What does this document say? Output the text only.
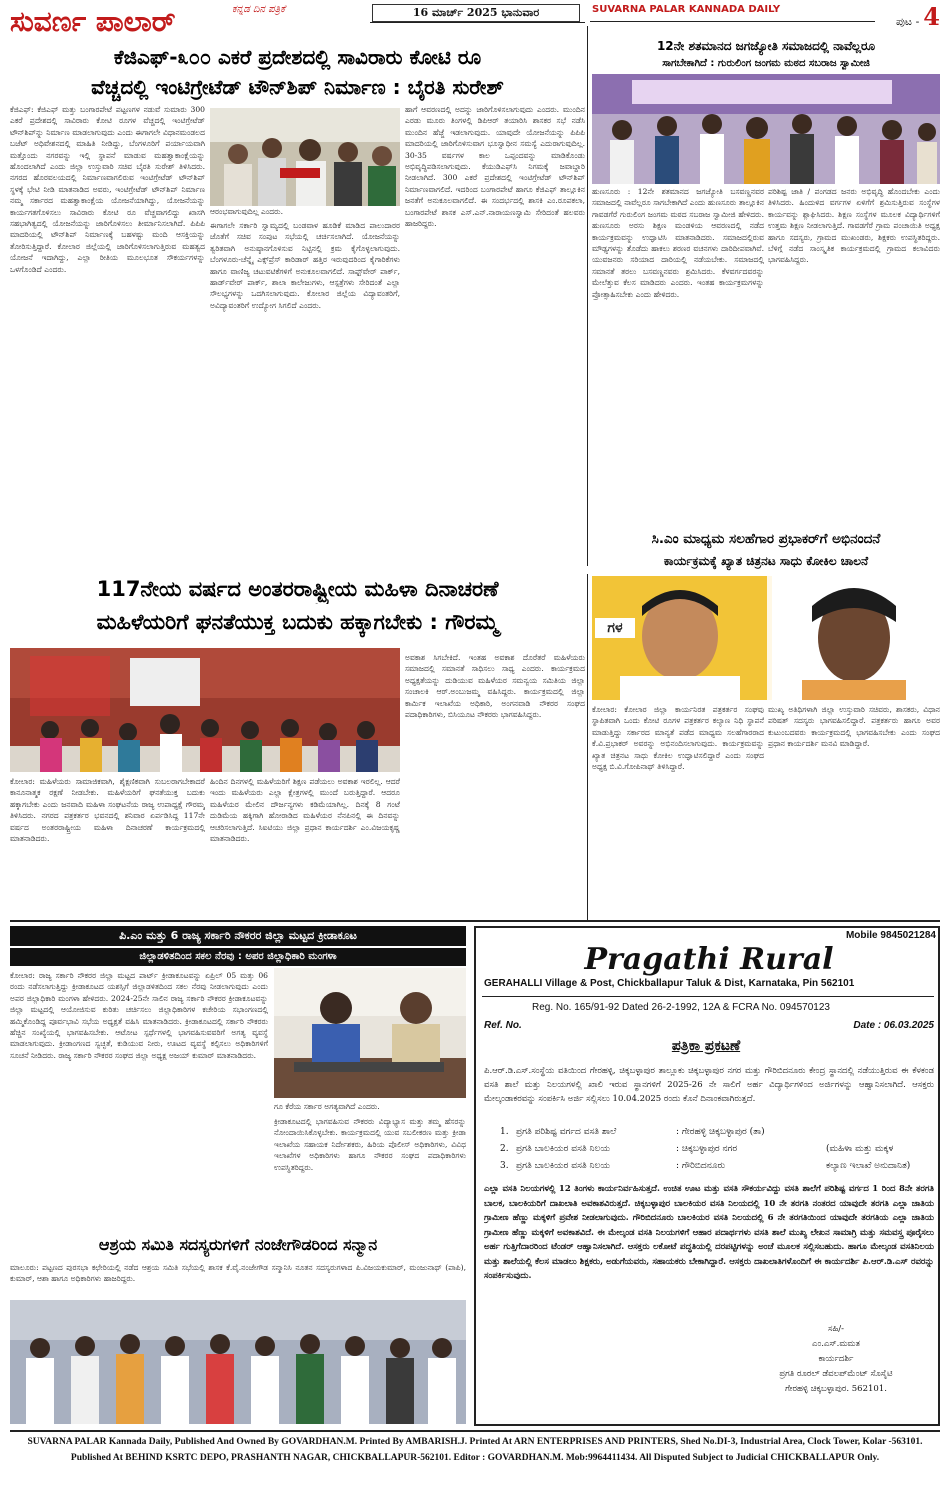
ಸುವರ್ಣ ಪಾಲಾರ್	ಕನ್ನಡ ದಿನ ಪತ್ರಿಕೆ	16 ಮಾರ್ಚ್ 2025 ಭಾನುವಾರ	SUVARNA PALAR KANNADA DAILY
ಪುಟ - 4
ಕೆಜಿಎಫ್-೩೦೦ ಎಕರೆ ಪ್ರದೇಶದಲ್ಲಿ ಸಾವಿರಾರು ಕೋಟಿ ರೂ
ವೆಚ್ಚದಲ್ಲಿ ಇಂಟಿಗ್ರೇಟೆಡ್ ಟೌನ್‌ಶಿಪ್ ನಿರ್ಮಾಣ : ಬೈರತಿ ಸುರೇಶ್
ಕೆಜಿಎಫ್: ಕೆಜಿಎಫ್ ಮತ್ತು ಬಂಗಾರಪೇಟೆ ಪಟ್ಟಣಗಳ ನಡುವೆ ಸುಮಾರು 300 ಎಕರೆ ಪ್ರದೇಶದಲ್ಲಿ ಸಾವಿರಾರು ಕೋಟಿ ರೂಗಳ ವೆಚ್ಚದಲ್ಲಿ ಇಂಟಿಗ್ರೇಟೆಡ್ ಟೌನ್‌ಶಿಪ್‌ನ್ನು ನಿರ್ಮಾಣ ಮಾಡಲಾಗುವುದು ಎಂದು ಈಗಾಗಲೇ ವಿಧಾನಮಂಡಲದ ಬಜೆಟ್ ಅಧಿವೇಶನದಲ್ಲಿ ಮಾಹಿತಿ ನೀಡಿದ್ದು, ಬೆಂಗಳೂರಿಗೆ ಪರ್ಯಾಯವಾಗಿ ಮತ್ತೊಂದು ನಗರವನ್ನು ಇಲ್ಲಿ ಸ್ಥಾಪನೆ ಮಾಡುವ ಮಹತ್ವಾಕಾಂಕ್ಷೆಯನ್ನು ಹೊಂದಲಾಗಿದೆ ಎಂದು ಜಿಲ್ಲಾ ಉಸ್ತುವಾರಿ ಸಚಿವ ಬೈರತಿ ಸುರೇಶ್ ತಿಳಿಸಿದರು. ನಗರದ ಹೊರವಲಯದಲ್ಲಿ ನಿರ್ಮಾಣವಾಗಲಿರುವ ಇಂಟಿಗ್ರೇಟೆಡ್ ಟೌನ್‌ಶಿಪ್ ಸ್ಥಳಕ್ಕೆ ಭೇಟಿ ನೀಡಿ ಮಾತನಾಡಿದ ಅವರು, ಇಂಟಿಗ್ರೇಟೆಡ್ ಟೌನ್‌ಶಿಪ್ ನಿರ್ಮಾಣ ನಮ್ಮ ಸರ್ಕಾರದ ಮಹತ್ವಾಕಾಂಕ್ಷೆಯ ಯೋಜನೆಯಾಗಿದ್ದು, ಯೋಜನೆಯನ್ನು ಕಾರ್ಯಗತಗೊಳಿಸಲು ಸಾವಿರಾರು ಕೋಟಿ ರೂ ವೆಚ್ಚವಾಗಲಿದ್ದು ಖಾಸಗಿ ಸಹಭಾಗಿತ್ವದಲ್ಲಿ ಯೋಜನೆಯನ್ನು ಜಾರಿಗೊಳಿಸಲು ತೀರ್ಮಾನಿಸಲಾಗಿದೆ. ಪಿಪಿಪಿ ಮಾದರಿಯಲ್ಲಿ ಟೌನ್‌ಶಿಪ್ ನಿರ್ಮಾಣಕ್ಕೆ ಬಹಳಷ್ಟು ಮಂದಿ ಆಸಕ್ತಿಯನ್ನು ತೋರಿಸುತ್ತಿದ್ದಾರೆ. ಕೋಲಾರ ಜಿಲ್ಲೆಯಲ್ಲಿ ಜಾರಿಗೊಳಿಸಲಾಗುತ್ತಿರುವ ಮಹತ್ವದ ಯೋಜನೆ ಇದಾಗಿದ್ದು, ಎಲ್ಲಾ ರೀತಿಯ ಮೂಲಭೂತ ಸೌಕರ್ಯಗಳನ್ನು ಒಳಗೊಂಡಿದೆ ಎಂದರು.
ಆರಂಭವಾಗುವುದಿಲ್ಲ ಎಂದರು.
ಈಗಾಗಲೇ ಸರ್ಕಾರಿ ಸ್ವಾಮ್ಯದಲ್ಲಿ ಬಂಡವಾಳ ಹೂಡಿಕೆ ಮಾಡಿದ ಪಾಲುದಾರರ ಜೊತೆಗೆ ಸಚಿವ ಸಂಪುಟ ಸಭೆಯಲ್ಲಿ ಚರ್ಚಿಸಲಾಗಿದೆ. ಯೋಜನೆಯನ್ನು ತ್ವರಿತವಾಗಿ ಅನುಷ್ಠಾನಗೊಳಿಸುವ ನಿಟ್ಟಿನಲ್ಲಿ ಕ್ರಮ ಕೈಗೊಳ್ಳಲಾಗುವುದು. ಬೆಂಗಳೂರು-ಚೆನ್ನೈ ಎಕ್ಸ್‌ಪ್ರೆಸ್ ಕಾರಿಡಾರ್ ಹತ್ತಿರ ಇರುವುದರಿಂದ ಕೈಗಾರಿಕೆಗಳು ಹಾಗೂ ವಾಣಿಜ್ಯ ಚಟುವಟಿಕೆಗಳಿಗೆ ಅನುಕೂಲವಾಗಲಿದೆ. ಸಾಫ್ಟ್‌ವೇರ್ ಪಾರ್ಕ್, ಹಾರ್ಡ್‌ವೇರ್ ಪಾರ್ಕ್, ಶಾಲಾ ಕಾಲೇಜುಗಳು, ಆಸ್ಪತ್ರೆಗಳು ಸೇರಿದಂತೆ ಎಲ್ಲಾ ಸೌಲಭ್ಯಗಳನ್ನು ಒದಗಿಸಲಾಗುವುದು. ಕೋಲಾರ ಜಿಲ್ಲೆಯ ವಿದ್ಯಾವಂತರಿಗೆ, ಅವಿದ್ಯಾವಂತರಿಗೆ ಉದ್ಯೋಗ ಸಿಗಲಿದೆ ಎಂದರು.
ಹಾಗೆ ಆವರಣದಲ್ಲಿ ಅದನ್ನು ಜಾರಿಗೊಳಿಸಲಾಗುವುದು ಎಂದರು. ಮುಂದಿನ ಎರಡು ಮೂರು ತಿಂಗಳಲ್ಲಿ ಡಿಪಿಆರ್ ತಯಾರಿಸಿ ಶಾಸಕರ ಸಭೆ ನಡೆಸಿ ಮುಂದಿನ ಹೆಜ್ಜೆ ಇಡಲಾಗುವುದು. ಯಾವುದೇ ಯೋಜನೆಯನ್ನು ಪಿಪಿಪಿ ಮಾದರಿಯಲ್ಲಿ ಜಾರಿಗೊಳಿಸುವಾಗ ಭೂಸ್ವಾಧೀನ ಸಮಸ್ಯೆ ಎದುರಾಗುವುದಿಲ್ಲ. 30-35 ವರ್ಷಗಳ ಕಾಲ ಒಪ್ಪಂದವನ್ನು ಮಾಡಿಕೊಂಡು ಅಭಿವೃದ್ಧಿಪಡಿಸಲಾಗುವುದು. ಕೆಯುಡಿಎಫ್‌ಸಿ ನಿಗಮಕ್ಕೆ ಜವಾಬ್ದಾರಿ ನೀಡಲಾಗಿದೆ. 300 ಎಕರೆ ಪ್ರದೇಶದಲ್ಲಿ ಇಂಟಿಗ್ರೇಟೆಡ್ ಟೌನ್‌ಶಿಪ್ ನಿರ್ಮಾಣವಾಗಲಿದೆ. ಇದರಿಂದ ಬಂಗಾರಪೇಟೆ ಹಾಗೂ ಕೆಜಿಎಫ್ ತಾಲ್ಲೂಕಿನ ಜನತೆಗೆ ಅನುಕೂಲವಾಗಲಿದೆ. ಈ ಸಂದರ್ಭದಲ್ಲಿ ಶಾಸಕಿ ಎಂ.ರೂಪಕಲಾ, ಬಂಗಾರಪೇಟೆ ಶಾಸಕ ಎಸ್.ಎನ್.ನಾರಾಯಣಸ್ವಾಮಿ ಸೇರಿದಂತೆ ಹಲವರು ಹಾಜರಿದ್ದರು.
12ನೇ ಶತಮಾನದ ಜಗಜ್ಯೋತಿ ಸಮಾಜದಲ್ಲಿ ನಾವೆಲ್ಲರೂ
ಸಾಗಬೇಕಾಗಿದೆ : ಗುರುಲಿಂಗ ಜಂಗಮ ಮಠದ ಸಬರಾಜ ಸ್ವಾಮೀಜಿ
ಹುಣಸೂರು : 12ನೇ ಶತಮಾನದ ಜಗಜ್ಯೋತಿ ಬಸವಣ್ಣನವರ ಸಮಾಜದಲ್ಲಿ ನಾವೆಲ್ಲರೂ ಸಾಗಬೇಕಾಗಿದೆ ಎಂದು ಹುಣಸೂರು ತಾಲ್ಲೂಕಿನ ಗಾವಡಗೆರೆ ಗುರುಲಿಂಗ ಜಂಗಮ ಮಠದ ಸಬರಾಜ ಸ್ವಾಮೀಜಿ ಹೇಳಿದರು. ಹುಣಸೂರು ಅರಸು ಶಿಕ್ಷಣ ಮಂಡಳಿಯ ಆವರಣದಲ್ಲಿ ನಡೆದ ಕಾರ್ಯಕ್ರಮವನ್ನು ಉದ್ಘಾಟಿಸಿ ಮಾತನಾಡಿದರು. ಸಮಾಜದಲ್ಲಿರುವ ಮೌಢ್ಯಗಳನ್ನು ತೊಡೆದು ಹಾಕಲು ಶರಣರ ವಚನಗಳು ದಾರಿದೀಪವಾಗಿವೆ. ಯುವಜನರು ಸರಿಯಾದ ದಾರಿಯಲ್ಲಿ ನಡೆಯಬೇಕು. ಸಮಾಜದಲ್ಲಿ ಸಮಾನತೆ ತರಲು ಬಸವಣ್ಣನವರು ಶ್ರಮಿಸಿದರು. ಕೆಳವರ್ಗದವರನ್ನು ಮೇಲೆತ್ತುವ ಕೆಲಸ ಮಾಡಿದರು ಎಂದರು. ಇಂತಹ ಕಾರ್ಯಕ್ರಮಗಳನ್ನು ಪ್ರೋತ್ಸಾಹಿಸಬೇಕು ಎಂದು ಹೇಳಿದರು.
ಪರಿಶಿಷ್ಟ ಜಾತಿ / ಪಂಗಡದ ಜನರು ಅಭಿವೃದ್ಧಿ ಹೊಂದಬೇಕು ಎಂದು ತಿಳಿಸಿದರು. ಹಿಂದುಳಿದ ವರ್ಗಗಳ ಏಳಿಗೆಗೆ ಶ್ರಮಿಸುತ್ತಿರುವ ಸಂಸ್ಥೆಗಳ ಕಾರ್ಯವನ್ನು ಶ್ಲಾಘಿಸಿದರು. ಶಿಕ್ಷಣ ಸಂಸ್ಥೆಗಳ ಮೂಲಕ ವಿದ್ಯಾರ್ಥಿಗಳಿಗೆ ಉತ್ತಮ ಶಿಕ್ಷಣ ನೀಡಲಾಗುತ್ತಿದೆ. ಗಾವಡಗೆರೆ ಗ್ರಾಮ ಪಂಚಾಯಿತಿ ಅಧ್ಯಕ್ಷ ಹಾಗೂ ಸದಸ್ಯರು, ಗ್ರಾಮದ ಮುಖಂಡರು, ಶಿಕ್ಷಕರು ಉಪಸ್ಥಿತರಿದ್ದರು. ಬೆಳಿಗ್ಗೆ ನಡೆದ ಸಾಂಸ್ಕೃತಿಕ ಕಾರ್ಯಕ್ರಮದಲ್ಲಿ ಗ್ರಾಮದ ಕಲಾವಿದರು ಭಾಗವಹಿಸಿದ್ದರು.
ಸಿ.ಎಂ ಮಾಧ್ಯಮ ಸಲಹೆಗಾರ ಪ್ರಭಾಕರ್‌ಗೆ ಅಭಿನಂದನೆ
ಕಾರ್ಯಕ್ರಮಕ್ಕೆ ಖ್ಯಾತ ಚಿತ್ರನಟ ಸಾಧು ಕೋಕಿಲ ಚಾಲನೆ
ಗಳ
ಕೋಲಾರ: ಕೋಲಾರ ಜಿಲ್ಲಾ ಕಾರ್ಯನಿರತ ಪತ್ರಕರ್ತರ ಸಂಘವು ಸ್ಥಾಪಿತವಾಗಿ ಒಂದು ಕೋಟಿ ರೂಗಳ ಪತ್ರಕರ್ತರ ಕಲ್ಯಾಣ ನಿಧಿ ಸ್ಥಾಪನೆ ಮಾಡುತ್ತಿದ್ದು ಸರ್ಕಾರದ ಮಾನ್ಯತೆ ಪಡೆದ ಮಾಧ್ಯಮ ಸಲಹೆಗಾರರಾದ ಕೆ.ವಿ.ಪ್ರಭಾಕರ್ ಅವರನ್ನು ಅಭಿನಂದಿಸಲಾಗುವುದು. ಕಾರ್ಯಕ್ರಮವನ್ನು ಖ್ಯಾತ ಚಿತ್ರನಟ ಸಾಧು ಕೋಕಿಲ ಉದ್ಘಾಟಿಸಲಿದ್ದಾರೆ ಎಂದು ಸಂಘದ ಅಧ್ಯಕ್ಷ ಬಿ.ವಿ.ಗೋಪಿನಾಥ್ ತಿಳಿಸಿದ್ದಾರೆ.
ಮುಖ್ಯ ಅತಿಥಿಗಳಾಗಿ ಜಿಲ್ಲಾ ಉಸ್ತುವಾರಿ ಸಚಿವರು, ಶಾಸಕರು, ವಿಧಾನ ಪರಿಷತ್ ಸದಸ್ಯರು ಭಾಗವಹಿಸಲಿದ್ದಾರೆ. ಪತ್ರಕರ್ತರು ಹಾಗೂ ಅವರ ಕುಟುಂಬದವರು ಕಾರ್ಯಕ್ರಮದಲ್ಲಿ ಭಾಗವಹಿಸಬೇಕು ಎಂದು ಸಂಘದ ಪ್ರಧಾನ ಕಾರ್ಯದರ್ಶಿ ಮನವಿ ಮಾಡಿದ್ದಾರೆ.
117ನೇಯ ವರ್ಷದ ಅಂತರರಾಷ್ಟ್ರೀಯ ಮಹಿಳಾ ದಿನಾಚರಣೆ
ಮಹಿಳೆಯರಿಗೆ ಘನತೆಯುಕ್ತ ಬದುಕು ಹಕ್ಕಾಗಬೇಕು : ಗೌರಮ್ಮ
ಕೋಲಾರ: ಮಹಿಳೆಯರು ಸಾಮಾಜಿಕವಾಗಿ, ಶೈಕ್ಷಣಿಕವಾಗಿ ಸುಬಲರಾಗಬೇಕಾದರೆ ಕಾನೂನಾತ್ಮಕ ರಕ್ಷಣೆ ನೀಡಬೇಕು. ಮಹಿಳೆಯರಿಗೆ ಘನತೆಯುಕ್ತ ಬದುಕು ಹಕ್ಕಾಗಬೇಕು ಎಂದು ಜನವಾದಿ ಮಹಿಳಾ ಸಂಘಟನೆಯ ರಾಜ್ಯ ಉಪಾಧ್ಯಕ್ಷೆ ಗೌರಮ್ಮ ತಿಳಿಸಿದರು. ನಗರದ ಪತ್ರಕರ್ತರ ಭವನದಲ್ಲಿ ಶನಿವಾರ ಏರ್ಪಡಿಸಿದ್ದ 117ನೇ ವರ್ಷದ ಅಂತರರಾಷ್ಟ್ರೀಯ ಮಹಿಳಾ ದಿನಾಚರಣೆ ಕಾರ್ಯಕ್ರಮದಲ್ಲಿ ಮಾತನಾಡಿದರು.
ಹಿಂದಿನ ದಿನಗಳಲ್ಲಿ ಮಹಿಳೆಯರಿಗೆ ಶಿಕ್ಷಣ ಪಡೆಯಲು ಅವಕಾಶ ಇರಲಿಲ್ಲ. ಆದರೆ ಇಂದು ಮಹಿಳೆಯರು ಎಲ್ಲಾ ಕ್ಷೇತ್ರಗಳಲ್ಲಿ ಮುಂದೆ ಬರುತ್ತಿದ್ದಾರೆ. ಆದರೂ ಮಹಿಳೆಯರ ಮೇಲಿನ ದೌರ್ಜನ್ಯಗಳು ಕಡಿಮೆಯಾಗಿಲ್ಲ. ದಿನಕ್ಕೆ 8 ಗಂಟೆ ದುಡಿಮೆಯ ಹಕ್ಕಿಗಾಗಿ ಹೋರಾಡಿದ ಮಹಿಳೆಯರ ನೆನಪಿನಲ್ಲಿ ಈ ದಿನವನ್ನು ಆಚರಿಸಲಾಗುತ್ತಿದೆ. ಸಿಐಟಿಯು ಜಿಲ್ಲಾ ಪ್ರಧಾನ ಕಾರ್ಯದರ್ಶಿ ಎಂ.ವಿಜಯಕೃಷ್ಣ ಮಾತನಾಡಿದರು.
ಅವಕಾಶ ಸಿಗಬೇಕಿದೆ. ಇಂತಹ ಅವಕಾಶ ದೊರೆತರೆ ಮಹಿಳೆಯರು ಸಮಾಜದಲ್ಲಿ ಸಮಾನತೆ ಸಾಧಿಸಲು ಸಾಧ್ಯ ಎಂದರು. ಕಾರ್ಯಕ್ರಮದ ಅಧ್ಯಕ್ಷತೆಯನ್ನು ದುಡಿಯುವ ಮಹಿಳೆಯರ ಸಮನ್ವಯ ಸಮಿತಿಯ ಜಿಲ್ಲಾ ಸಂಚಾಲಕಿ ಆರ್.ಅಂಬುಜಮ್ಮ ವಹಿಸಿದ್ದರು. ಕಾರ್ಯಕ್ರಮದಲ್ಲಿ ಜಿಲ್ಲಾ ಕಾರ್ಮಿಕ ಇಲಾಖೆಯ ಅಧಿಕಾರಿ, ಅಂಗನವಾಡಿ ನೌಕರರ ಸಂಘದ ಪದಾಧಿಕಾರಿಗಳು, ಬಿಸಿಯೂಟ ನೌಕರರು ಭಾಗವಹಿಸಿದ್ದರು.
ಪಿ.ಎಂ ಮತ್ತು 6 ರಾಜ್ಯ ಸರ್ಕಾರಿ ನೌಕರರ ಜಿಲ್ಲಾ ಮಟ್ಟದ ಕ್ರೀಡಾಕೂಟ
ಜಿಲ್ಲಾಡಳಿತದಿಂದ ಸಕಲ ನೆರವು : ಅಪರ ಜಿಲ್ಲಾಧಿಕಾರಿ ಮಂಗಳಾ
ಕೋಲಾರ: ರಾಜ್ಯ ಸರ್ಕಾರಿ ನೌಕರರ ಜಿಲ್ಲಾ ಮಟ್ಟದ ಪಾರ್ಟ್ ಕ್ರೀಡಾಕೂಟವನ್ನು ಏಪ್ರಿಲ್ 05 ಮತ್ತು 06 ರಂದು ನಡೆಸಲಾಗುತ್ತಿದ್ದು ಕ್ರೀಡಾಕೂಟದ ಯಶಸ್ಸಿಗೆ ಜಿಲ್ಲಾಡಳಿತದಿಂದ ಸಕಲ ನೆರವು ನೀಡಲಾಗುವುದು ಎಂದು ಅಪರ ಜಿಲ್ಲಾಧಿಕಾರಿ ಮಂಗಳಾ ಹೇಳಿದರು. 2024-25ನೇ ಸಾಲಿನ ರಾಜ್ಯ ಸರ್ಕಾರಿ ನೌಕರರ ಕ್ರೀಡಾಕೂಟವನ್ನು ಜಿಲ್ಲಾ ಮಟ್ಟದಲ್ಲಿ ಆಯೋಜಿಸುವ ಕುರಿತು ಚರ್ಚಿಸಲು ಜಿಲ್ಲಾಧಿಕಾರಿಗಳ ಕಚೇರಿಯ ಸಭಾಂಗಣದಲ್ಲಿ ಹಮ್ಮಿಕೊಂಡಿದ್ದ ಪೂರ್ವಭಾವಿ ಸಭೆಯ ಅಧ್ಯಕ್ಷತೆ ವಹಿಸಿ ಮಾತನಾಡಿದರು. ಕ್ರೀಡಾಕೂಟದಲ್ಲಿ ಸರ್ಕಾರಿ ನೌಕರರು ಹೆಚ್ಚಿನ ಸಂಖ್ಯೆಯಲ್ಲಿ ಭಾಗವಹಿಸಬೇಕು. ಆಟೋಟ ಸ್ಪರ್ಧೆಗಳಲ್ಲಿ ಭಾಗವಹಿಸುವವರಿಗೆ ಅಗತ್ಯ ವ್ಯವಸ್ಥೆ ಮಾಡಲಾಗುವುದು. ಕ್ರೀಡಾಂಗಣದ ಸ್ವಚ್ಛತೆ, ಕುಡಿಯುವ ನೀರು, ಊಟದ ವ್ಯವಸ್ಥೆ ಕಲ್ಪಿಸಲು ಅಧಿಕಾರಿಗಳಿಗೆ ಸೂಚನೆ ನೀಡಿದರು. ರಾಜ್ಯ ಸರ್ಕಾರಿ ನೌಕರರ ಸಂಘದ ಜಿಲ್ಲಾ ಅಧ್ಯಕ್ಷ ಅಜಯ್ ಕುಮಾರ್ ಮಾತನಾಡಿದರು.
ಗೂ ಕೆರೆಯ ಸರ್ಕಾರ ಅಗತ್ಯವಾಗಿದೆ ಎಂದರು.
ಕ್ರೀಡಾಕೂಟದಲ್ಲಿ ಭಾಗವಹಿಸುವ ನೌಕರರು ವಿದ್ಯಾಭ್ಯಾಸ ಮತ್ತು ತಮ್ಮ ಹೆಸರನ್ನು ನೋಂದಾಯಿಸಿಕೊಳ್ಳಬೇಕು. ಕಾರ್ಯಕ್ರಮದಲ್ಲಿ ಯುವ ಸಬಲೀಕರಣ ಮತ್ತು ಕ್ರೀಡಾ ಇಲಾಖೆಯ ಸಹಾಯಕ ನಿರ್ದೇಶಕರು, ಹಿರಿಯ ಪೊಲೀಸ್ ಅಧಿಕಾರಿಗಳು, ವಿವಿಧ ಇಲಾಖೆಗಳ ಅಧಿಕಾರಿಗಳು ಹಾಗೂ ನೌಕರರ ಸಂಘದ ಪದಾಧಿಕಾರಿಗಳು ಉಪಸ್ಥಿತರಿದ್ದರು.
ಆಶ್ರಯ ಸಮಿತಿ ಸದಸ್ಯರುಗಳಿಗೆ ನಂಜೇಗೌಡರಿಂದ ಸನ್ಮಾನ
ಮಾಲೂರು: ಪಟ್ಟಣದ ಪುರಸಭಾ ಕಛೇರಿಯಲ್ಲಿ ನಡೆದ ಆಶ್ರಯ ಸಮಿತಿ ಸಭೆಯಲ್ಲಿ ಶಾಸಕ ಕೆ.ವೈ.ನಂಜೇಗೌಡ ಸನ್ಮಾನಿಸಿ ನೂತನ ಸದಸ್ಯರುಗಳಾದ ಪಿ.ವಿಜಯಕುಮಾರ್, ಮಂಜುನಾಥ್ (ಪಾಪಿ), ಕುಮಾರ್, ಆಶಾ ಹಾಗೂ ಅಧಿಕಾರಿಗಳು ಹಾಜರಿದ್ದರು.
Mobile 9845021284
Pragathi Rural
GERAHALLI Village & Post, Chickballapur Taluk & Dist, Karnataka, Pin 562101
Reg. No. 165/91-92 Dated 26-2-1992, 12A & FCRA No. 094570123
Ref. No.	Date : 06.03.2025
ಪತ್ರಿಕಾ ಪ್ರಕಟಣೆ
ಪಿ.ಆರ್.ಡಿ.ಎಸ್.ಸಂಸ್ಥೆಯ ವತಿಯಿಂದ ಗೇರಹಳ್ಳಿ, ಚಿಕ್ಕಬಳ್ಳಾಪುರ ತಾಲ್ಲೂಕು ಚಿಕ್ಕಬಳ್ಳಾಪುರ ನಗರ ಮತ್ತು ಗೌರಿಬಿದನೂರು ಕೇಂದ್ರ ಸ್ಥಾನದಲ್ಲಿ ನಡೆಯುತ್ತಿರುವ ಈ ಕೆಳಕಂಡ ವಸತಿ ಶಾಲೆ ಮತ್ತು ನಿಲಯಗಳಲ್ಲಿ ಖಾಲಿ ಇರುವ ಸ್ಥಾನಗಳಿಗೆ 2025-26 ನೇ ಸಾಲಿಗೆ ಅರ್ಹ ವಿದ್ಯಾರ್ಥಿಗಳಿಂದ ಅರ್ಜಿಗಳನ್ನು ಆಹ್ವಾನಿಸಲಾಗಿದೆ. ಆಸಕ್ತರು ಮೇಲ್ಕಂಡಾಕರವನ್ನು ಸಂಪರ್ಕಿಸಿ ಅರ್ಜಿ ಸಲ್ಲಿಸಲು 10.04.2025 ರಂದು ಕೊನೆ ದಿನಾಂಕವಾಗಿರುತ್ತದೆ.
1. ಪ್ರಗತಿ ಪರಿಶಿಷ್ಟ ವರ್ಗದ ವಸತಿ ಶಾಲೆ	: ಗೇರಹಳ್ಳಿ ಚಿಕ್ಕಬಳ್ಳಾಪುರ (ತಾ)
2. ಪ್ರಗತಿ ಬಾಲಕಿಯರ ವಸತಿ ನಿಲಯ	: ಚಿಕ್ಕಬಳ್ಳಾಪುರ ನಗರ	(ಮಹಿಳಾ ಮತ್ತು ಮಕ್ಕಳ
3. ಪ್ರಗತಿ ಬಾಲಕಿಯರ ವಸತಿ ನಿಲಯ	: ಗೌರಿಬಿದನೂರು	ಕಲ್ಯಾಣ ಇಲಾಖೆ ಅನುದಾನಿತ)
ಎಲ್ಲಾ ವಸತಿ ನಿಲಯಗಳಲ್ಲಿ 12 ತಿಂಗಳು ಕಾರ್ಯನಿರ್ವಹಿಸುತ್ತದೆ. ಉಚಿತ ಊಟ ಮತ್ತು ವಸತಿ ಸೌಕರ್ಯವಿದ್ದು ವಸತಿ ಶಾಲೆಗೆ ಪರಿಶಿಷ್ಟ ವರ್ಗದ 1 ರಿಂದ 8ನೇ ತರಗತಿ ಬಾಲಕ, ಬಾಲಕಿಯರಿಗೆ ದಾಖಲಾತಿ ಅವಕಾಶವಿರುತ್ತದೆ. ಚಿಕ್ಕಬಳ್ಳಾಪುರ ಬಾಲಕಿಯರ ವಸತಿ ನಿಲಯದಲ್ಲಿ 10 ನೇ ತರಗತಿ ನಂತರದ ಯಾವುದೇ ತರಗತಿ ಎಲ್ಲಾ ಜಾತಿಯ ಗ್ರಾಮೀಣ ಹೆಣ್ಣು ಮಕ್ಕಳಿಗೆ ಪ್ರವೇಶ ನೀಡಲಾಗುವುದು. ಗೌರಿಬಿದನೂರು ಬಾಲಕಿಯರ ವಸತಿ ನಿಲಯದಲ್ಲಿ 6 ನೇ ತರಗತಿಯಿಂದ ಯಾವುದೇ ತರಗತಿಯ ಎಲ್ಲಾ ಜಾತಿಯ ಗ್ರಾಮೀಣ ಹೆಣ್ಣು ಮಕ್ಕಳಿಗೆ ಅವಕಾಶವಿದೆ. ಈ ಮೇಲ್ಕಂಡ ವಸತಿ ನಿಲಯಗಳಿಗೆ ಆಹಾರ ಪದಾರ್ಥಗಳು ವಸತಿ ಶಾಲೆ ಮುಖ್ಯ ಲೇಖನ ಸಾಮಾಗ್ರಿ ಮತ್ತು ಸಮವಸ್ತ್ರ ಪೂರೈಸಲು ಅರ್ಹ ಗುತ್ತಿಗೆದಾರರಿಂದ ಟೆಂಡರ್ ಆಹ್ವಾನಿಸಲಾಗಿದೆ. ಆಸಕ್ತರು ಲಕೋಟೆ ಪದ್ಧತಿಯಲ್ಲಿ ದರಪಟ್ಟಿಗಳನ್ನು ಅಂಚೆ ಮೂಲಕ ಸಲ್ಲಿಸಬಹುದು. ಹಾಗೂ ಮೇಲ್ಕಂಡ ವಸತಿನಿಲಯ ಮತ್ತು ಶಾಲೆಯಲ್ಲಿ ಕೆಲಸ ಮಾಡಲು ಶಿಕ್ಷಕರು, ಅಡುಗೆಯವರು, ಸಹಾಯಕರು ಬೇಕಾಗಿದ್ದಾರೆ. ಆಸಕ್ತರು ದಾಖಲಾತಿಗಳೊಂದಿಗೆ ಈ ಕಾರ್ಯದರ್ಶಿ ಪಿ.ಆರ್.ಡಿ.ಎಸ್ ರವರನ್ನು ಸಂಪರ್ಕಿಸುವುದು.
ಸಹಿ/-
ಎಂ.ಎಸ್.ಮಮತ
ಕಾರ್ಯದರ್ಶಿ
ಪ್ರಗತಿ ರೂರಲ್ ಡೆವಲಪ್‌ಮೆಂಟ್ ಸೊಸೈಟಿ
ಗೇರಹಳ್ಳಿ ಚಿಕ್ಕಬಳ್ಳಾಪುರ. 562101.
SUVARNA PALAR Kannada Daily, Published And Owned By GOVARDHAN.M. Printed By AMBARISH.J. Printed At ARN ENTERPRISES AND PRINTERS, Shed No.DI-3, Industrial Area, Clock Tower, Kolar -563101.
Published At BEHIND KSRTC DEPO, PRASHANTH NAGAR, CHICKBALLAPUR-562101. Editor : GOVARDHAN.M. Mob:9964411434. All Disputed Subject to Judicial CHICKBALLAPUR Only.
